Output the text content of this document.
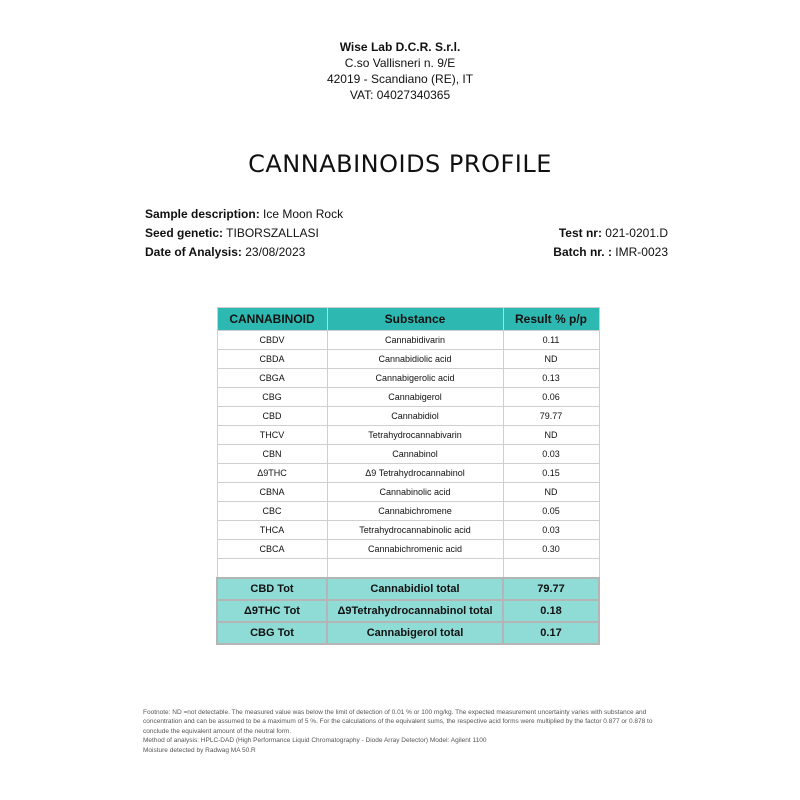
Wise Lab D.C.R. S.r.l.
C.so Vallisneri n. 9/E
42019 - Scandiano (RE), IT
VAT: 04027340365
CANNABINOIDS PROFILE
Sample description: Ice Moon Rock
Seed genetic: TIBORSZALLASI	Test nr: 021-0201.D
Date of Analysis: 23/08/2023	Batch nr. : IMR-0023
CANNABINOID	Substance	Result % p/p
CBDV	Cannabidivarin	0.11
CBDA	Cannabidiolic acid	ND
CBGA	Cannabigerolic acid	0.13
CBG	Cannabigerol	0.06
CBD	Cannabidiol	79.77
THCV	Tetrahydrocannabivarin	ND
CBN	Cannabinol	0.03
Δ9THC	Δ9 Tetrahydrocannabinol	0.15
CBNA	Cannabinolic acid	ND
CBC	Cannabichromene	0.05
THCA	Tetrahydrocannabinolic acid	0.03
CBCA	Cannabichromenic acid	0.30

CBD Tot	Cannabidiol total	79.77
Δ9THC Tot	Δ9Tetrahydrocannabinol total	0.18
CBG Tot	Cannabigerol total	0.17
Footnote: ND =not detectable. The measured value was below the limit of detection of 0.01 % or 100 mg/kg. The expected measurement uncertainty varies with substance and concentration and can be assumed to be a maximum of 5 %. For the calculations of the equivalent sums, the respective acid forms were multiplied by the factor 0.877 or 0.878 to conclude the equivalent amount of the neutral form.
Method of analysis: HPLC-DAD (High Performance Liquid Chromatography - Diode Array Detector) Model: Agilent 1100
Moisture detected by Radwag MA 50.R
